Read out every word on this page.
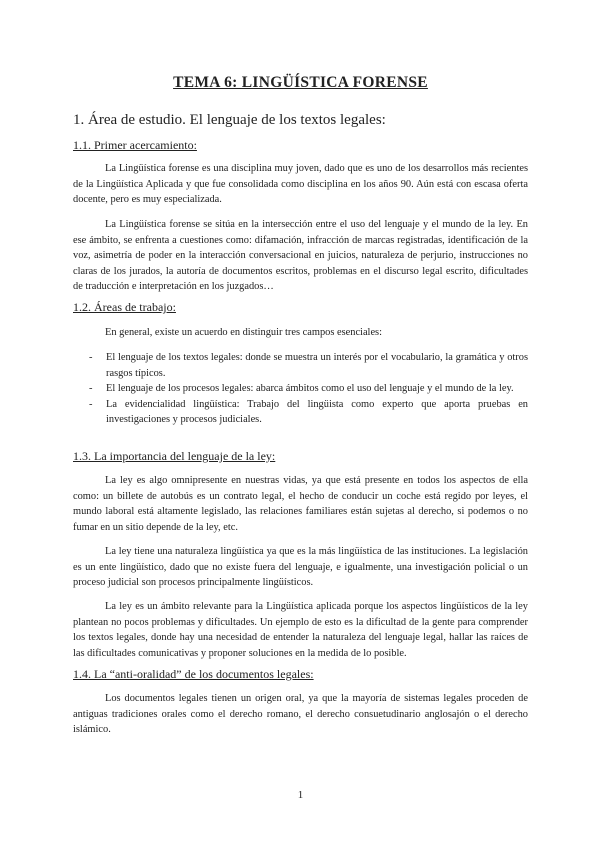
TEMA 6: LINGÜÍSTICA FORENSE
1. Área de estudio. El lenguaje de los textos legales:
1.1. Primer acercamiento:

La Lingüística forense es una disciplina muy joven, dado que es uno de los desarrollos más recientes de la Lingüística Aplicada y que fue consolidada como disciplina en los años 90. Aún está con escasa oferta docente, pero es muy especializada.

La Lingüística forense se sitúa en la intersección entre el uso del lenguaje y el mundo de la ley. En ese ámbito, se enfrenta a cuestiones como: difamación, infracción de marcas registradas, identificación de la voz, asimetría de poder en la interacción conversacional en juicios, naturaleza de perjurio, instrucciones no claras de los jurados, la autoría de documentos escritos, problemas en el discurso legal escrito, dificultades de traducción e interpretación en los juzgados…

1.2. Áreas de trabajo:

En general, existe un acuerdo en distinguir tres campos esenciales:

- El lenguaje de los textos legales: donde se muestra un interés por el vocabulario, la gramática y otros rasgos típicos.
- El lenguaje de los procesos legales: abarca ámbitos como el uso del lenguaje y el mundo de la ley.
- La evidencialidad lingüística: Trabajo del lingüista como experto que aporta pruebas en investigaciones y procesos judiciales.
1.3. La importancia del lenguaje de la ley:

La ley es algo omnipresente en nuestras vidas, ya que está presente en todos los aspectos de ella como: un billete de autobús es un contrato legal, el hecho de conducir un coche está regido por leyes, el mundo laboral está altamente legislado, las relaciones familiares están sujetas al derecho, si podemos o no fumar en un sitio depende de la ley, etc.

La ley tiene una naturaleza lingüística ya que es la más lingüística de las instituciones. La legislación es un ente lingüístico, dado que no existe fuera del lenguaje, e igualmente, una investigación policial o un proceso judicial son procesos principalmente lingüísticos.

La ley es un ámbito relevante para la Lingüística aplicada porque los aspectos lingüísticos de la ley plantean no pocos problemas y dificultades. Un ejemplo de esto es la dificultad de la gente para comprender los textos legales, donde hay una necesidad de entender la naturaleza del lenguaje legal, hallar las raíces de las dificultades comunicativas y proponer soluciones en la medida de lo posible.

1.4. La “anti-oralidad” de los documentos legales:

Los documentos legales tienen un origen oral, ya que la mayoría de sistemas legales proceden de antiguas tradiciones orales como el derecho romano, el derecho consuetudinario anglosajón o el derecho islámico.

1
